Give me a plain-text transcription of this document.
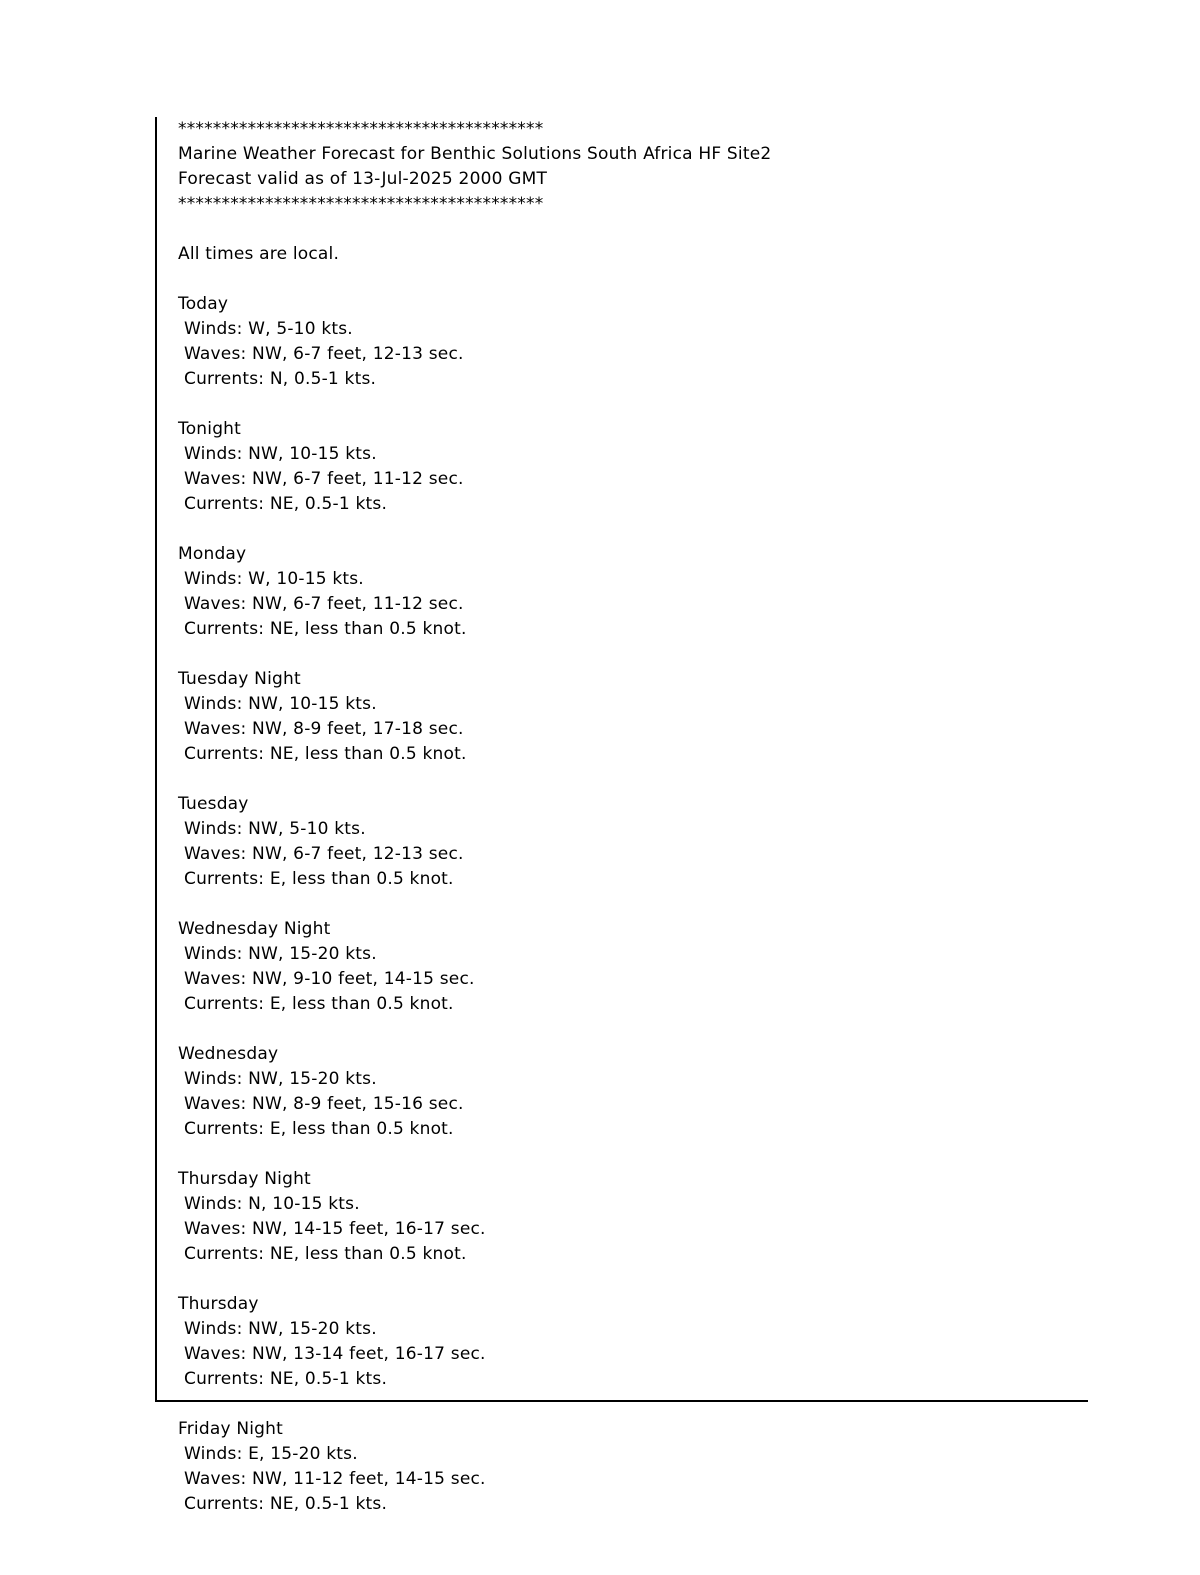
******************************************
Marine Weather Forecast for Benthic Solutions South Africa HF Site2
Forecast valid as of 13-Jul-2025 2000 GMT
******************************************
All times are local.
Today
Winds: W, 5-10 kts.
Waves: NW, 6-7 feet, 12-13 sec.
Currents: N, 0.5-1 kts.
Tonight
Winds: NW, 10-15 kts.
Waves: NW, 6-7 feet, 11-12 sec.
Currents: NE, 0.5-1 kts.
Monday
Winds: W, 10-15 kts.
Waves: NW, 6-7 feet, 11-12 sec.
Currents: NE, less than 0.5 knot.
Tuesday Night
Winds: NW, 10-15 kts.
Waves: NW, 8-9 feet, 17-18 sec.
Currents: NE, less than 0.5 knot.
Tuesday
Winds: NW, 5-10 kts.
Waves: NW, 6-7 feet, 12-13 sec.
Currents: E, less than 0.5 knot.
Wednesday Night
Winds: NW, 15-20 kts.
Waves: NW, 9-10 feet, 14-15 sec.
Currents: E, less than 0.5 knot.
Wednesday
Winds: NW, 15-20 kts.
Waves: NW, 8-9 feet, 15-16 sec.
Currents: E, less than 0.5 knot.
Thursday Night
Winds: N, 10-15 kts.
Waves: NW, 14-15 feet, 16-17 sec.
Currents: NE, less than 0.5 knot.
Thursday
Winds: NW, 15-20 kts.
Waves: NW, 13-14 feet, 16-17 sec.
Currents: NE, 0.5-1 kts.
Friday Night
Winds: E, 15-20 kts.
Waves: NW, 11-12 feet, 14-15 sec.
Currents: NE, 0.5-1 kts.
